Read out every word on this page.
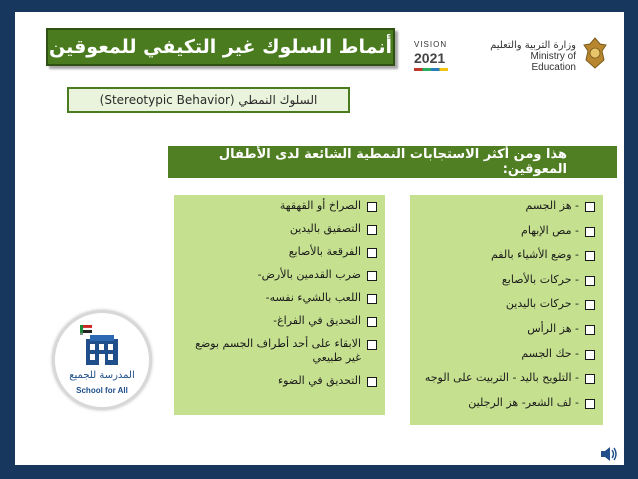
أنماط السلوك غير التكيفي للمعوقين
السلوك النمطي (Stereotypic Behavior)
VISION
2021
وزارة التربية والتعليم
Ministry of Education
هذا ومن أكثر الاستجابات النمطية الشائعة لدى الأطفال المعوقين:
- هز الجسم
- مص الإبهام
- وضع الأشياء بالفم
- حركات بالأصابع
- حركات باليدين
- هز الرأس
- حك الجسم
- التلويح باليد - التربيت على الوجه
- لف الشعر- هز الرجلين
الصراخ أو القهقهة
التصفيق باليدين
الفرقعة بالأصابع
ضرب القدمين بالأرض-
اللعب بالشيء نفسه-
التحديق في الفراغ-
الابقاء على أحد أطراف الجسم بوضع غير طبيعي
التحديق في الضوء
المدرسة للجميع
School for All
